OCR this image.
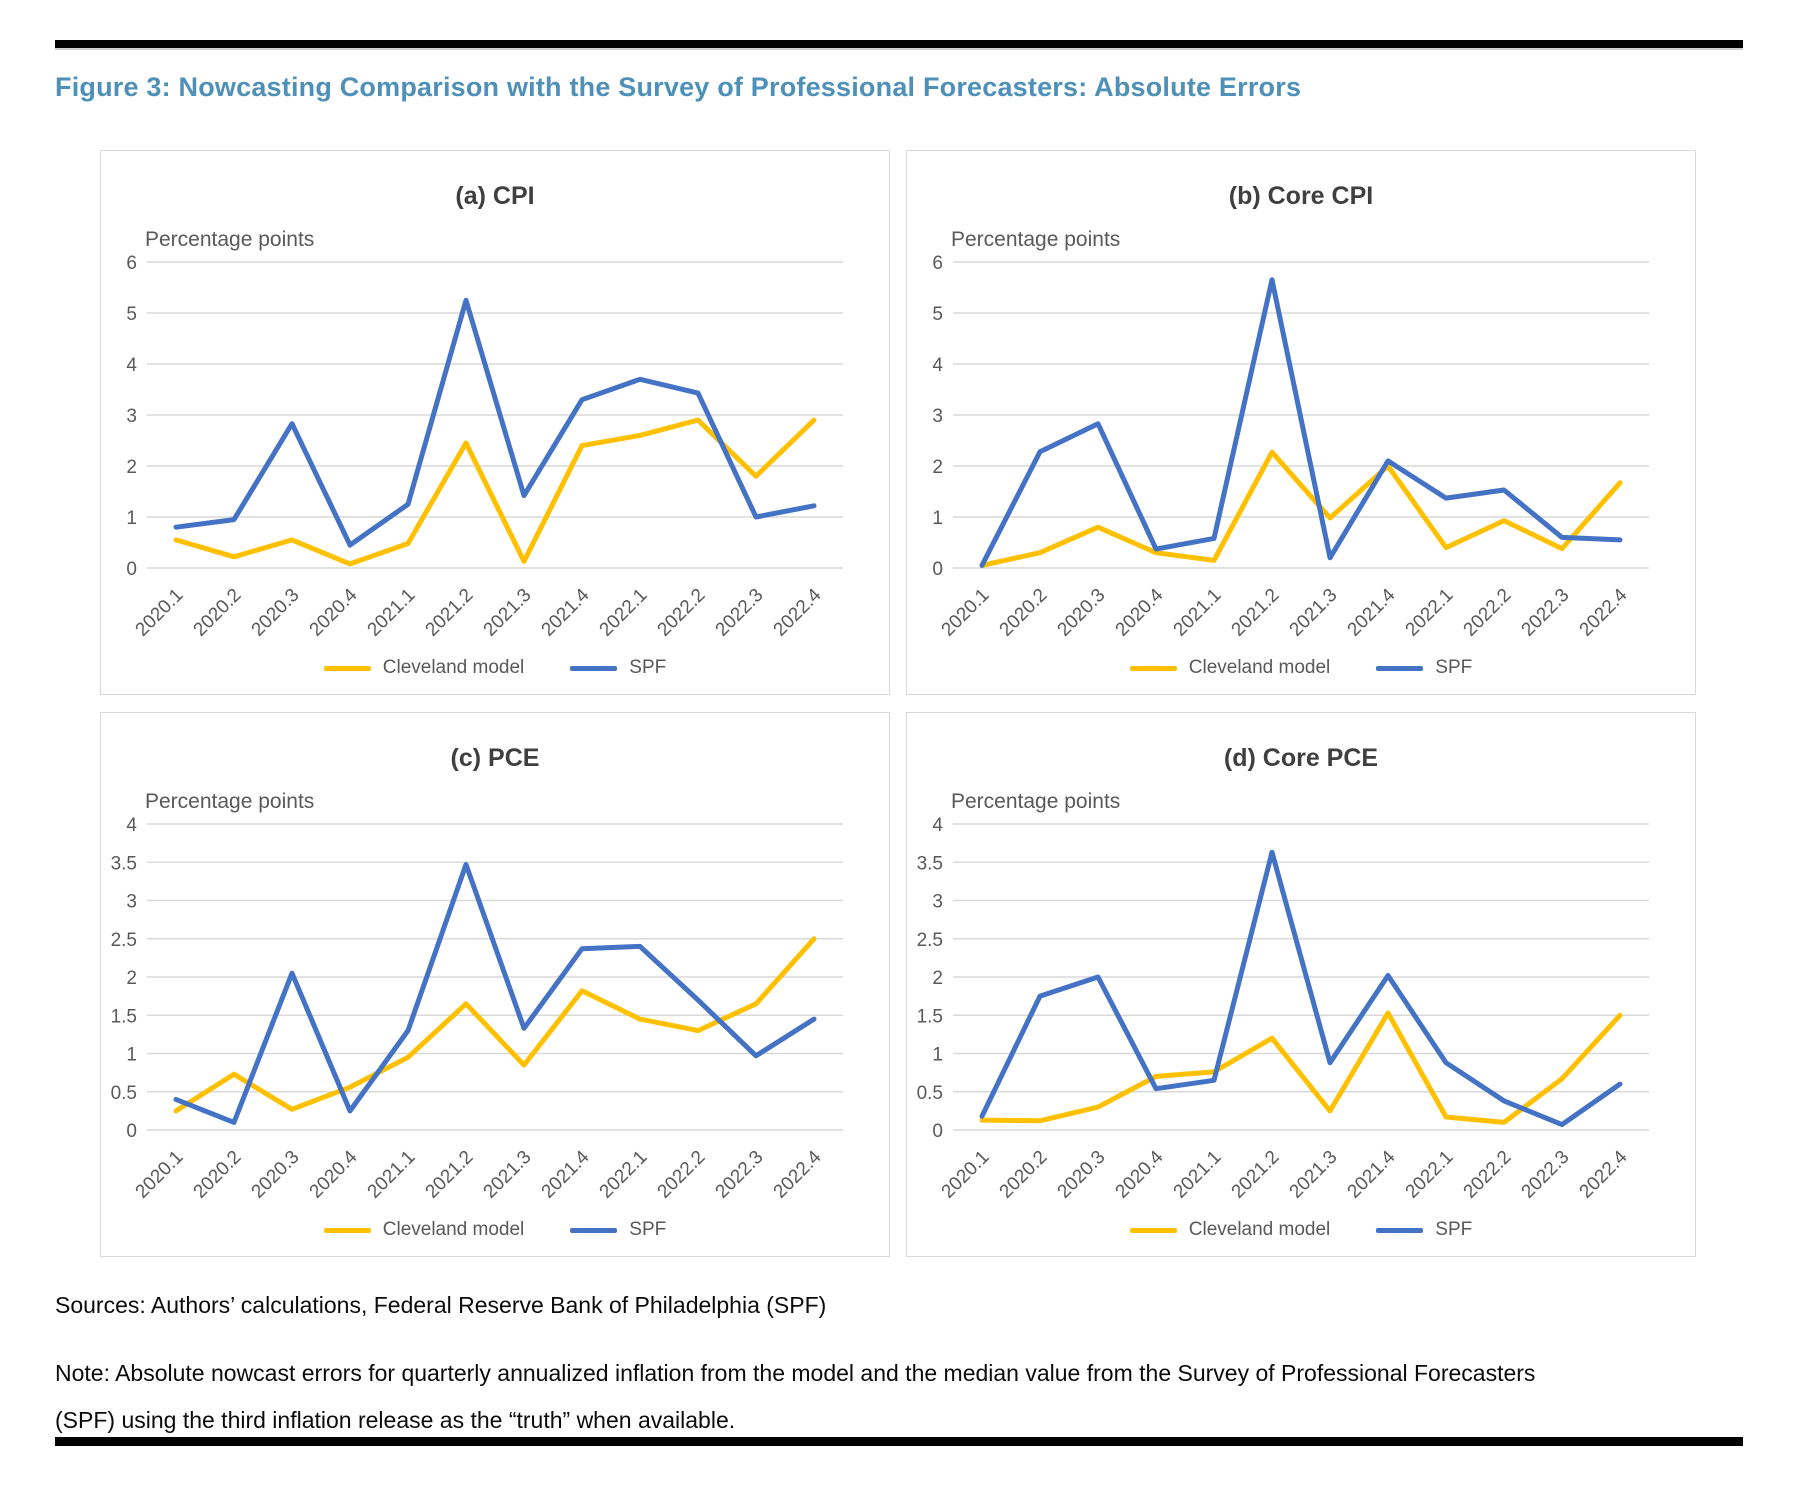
Figure 3: Nowcasting Comparison with the Survey of Professional Forecasters: Absolute Errors
0
1
2
3
4
5
6
2020.1 2020.2 2020.3 2020.4 2021.1 2021.2 2021.3 2021.4 2022.1 2022.2 2022.3 2022.4
(a) CPI
Percentage points
Cleveland model	SPF
0
1
2
3
4
5
6
2020.1 2020.2 2020.3 2020.4 2021.1 2021.2 2021.3 2021.4 2022.1 2022.2 2022.3 2022.4
(b) Core CPI
Percentage points
Cleveland model	SPF
0
0.5
1
1.5
2
2.5
3
3.5
4
2020.1 2020.2 2020.3 2020.4 2021.1 2021.2 2021.3 2021.4 2022.1 2022.2 2022.3 2022.4
(c) PCE
Percentage points
Cleveland model	SPF
0
0.5
1
1.5
2
2.5
3
3.5
4
2020.1 2020.2 2020.3 2020.4 2021.1 2021.2 2021.3 2021.4 2022.1 2022.2 2022.3 2022.4
(d) Core PCE
Percentage points
Cleveland model	SPF
Sources: Authors’ calculations, Federal Reserve Bank of Philadelphia (SPF)
Note: Absolute nowcast errors for quarterly annualized inflation from the model and the median value from the Survey of Professional Forecasters
(SPF) using the third inflation release as the “truth” when available.
